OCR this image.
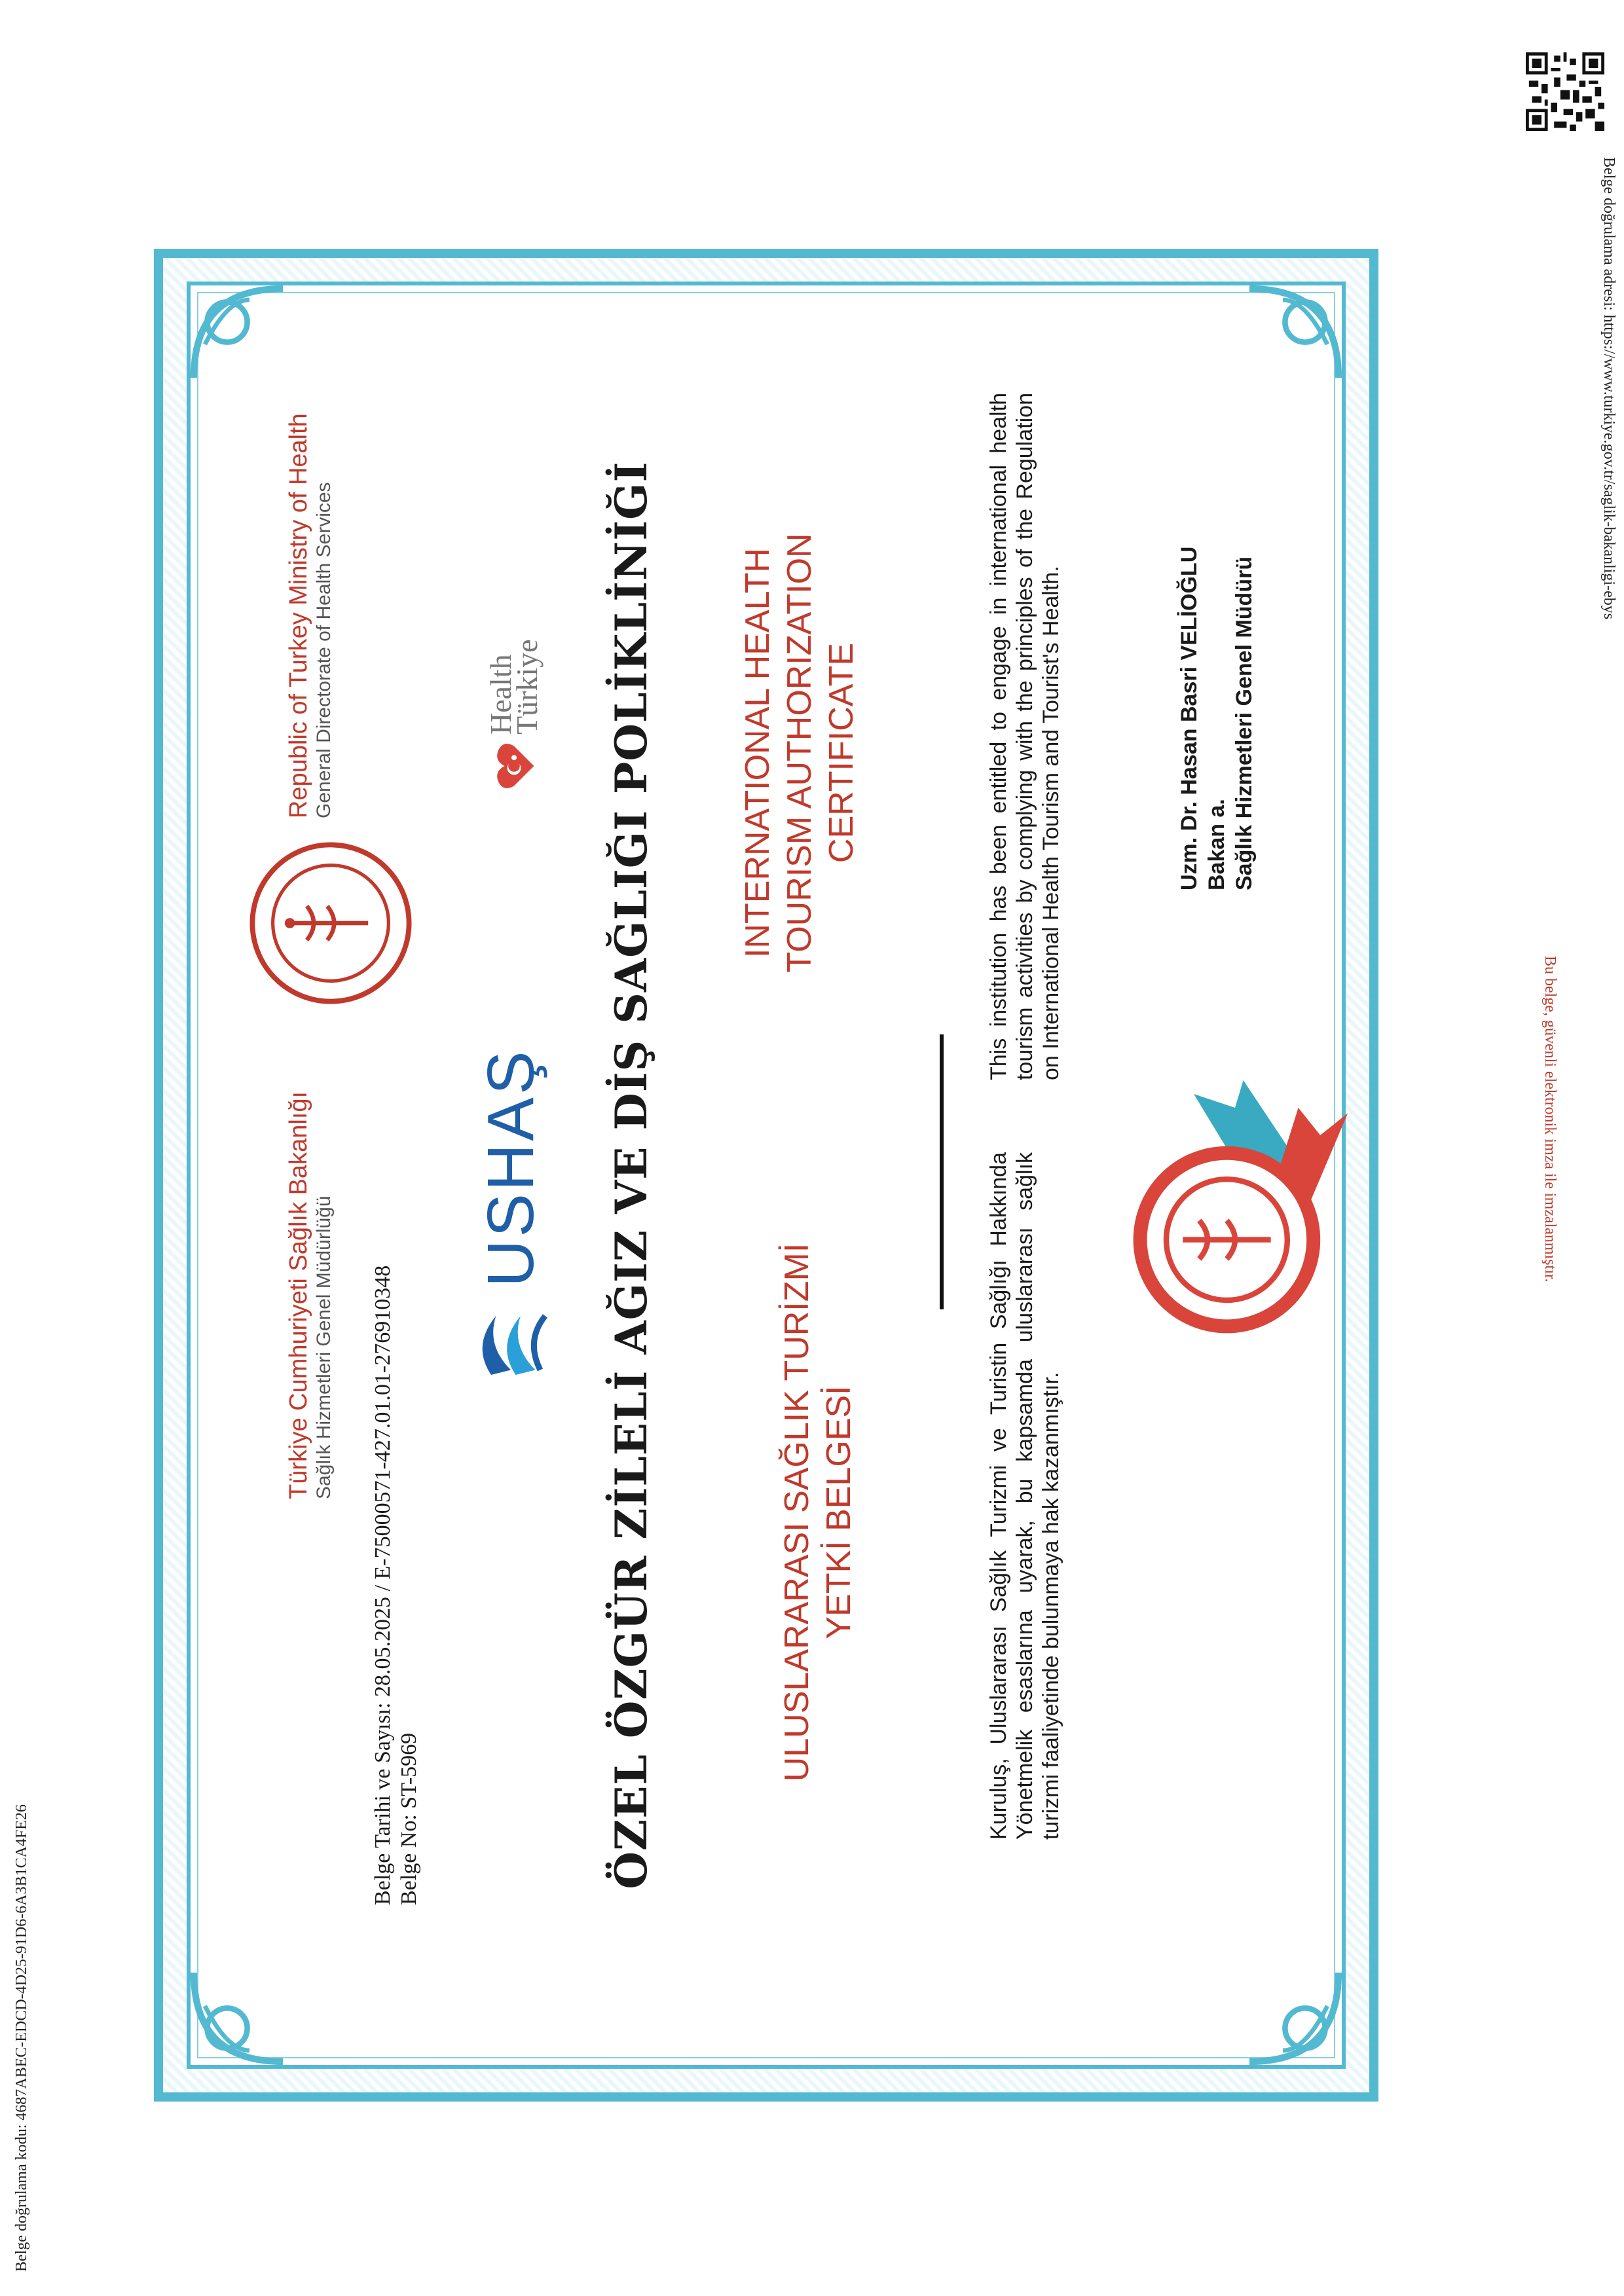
Belge doğrulama kodu: 4687ABEC-EDCD-4D25-91D6-6A3B1CA4FE26
Belge doğrulama adresi: https://www.turkiye.gov.tr/saglik-bakanligi-ebys
Bu belge, güvenli elektronik imza ile imzalanmıştır.
Belge Tarihi ve Sayısı: 28.05.2025 / E-75000571-427.01.01-276910348 Belge No: ST-5969
Türkiye Cumhuriyeti Sağlık Bakanlığı Sağlık Hizmetleri Genel Müdürlüğü
Republic of Turkey Ministry of Health General Directorate of Health Services
USHAŞ
Health
Türkiye ÖZEL ÖZGÜR ZİLELİ AĞIZ VE DİŞ SAĞLIĞI POLİKLİNİĞİ	ULUSLARARASI SAĞLIK TURİZMİ YETKİ BELGESİ
INTERNATIONAL HEALTH TOURISM AUTHORIZATION CERTIFICATE
Kuruluş, Uluslararası Sağlık Turizmi ve Turistin Sağlığı Hakkında Yönetmelik esaslarına uyarak, bu kapsamda uluslararası sağlık turizmi faaliyetinde bulunmaya hak kazanmıştır.
This institution has been entitled to engage in international health tourism activities by complying with the principles of the Regulation on International Health Tourism and Tourist's Health.	Uzm. Dr. Hasan Basri VELİOĞLU Bakan a. Sağlık Hizmetleri Genel Müdürü
